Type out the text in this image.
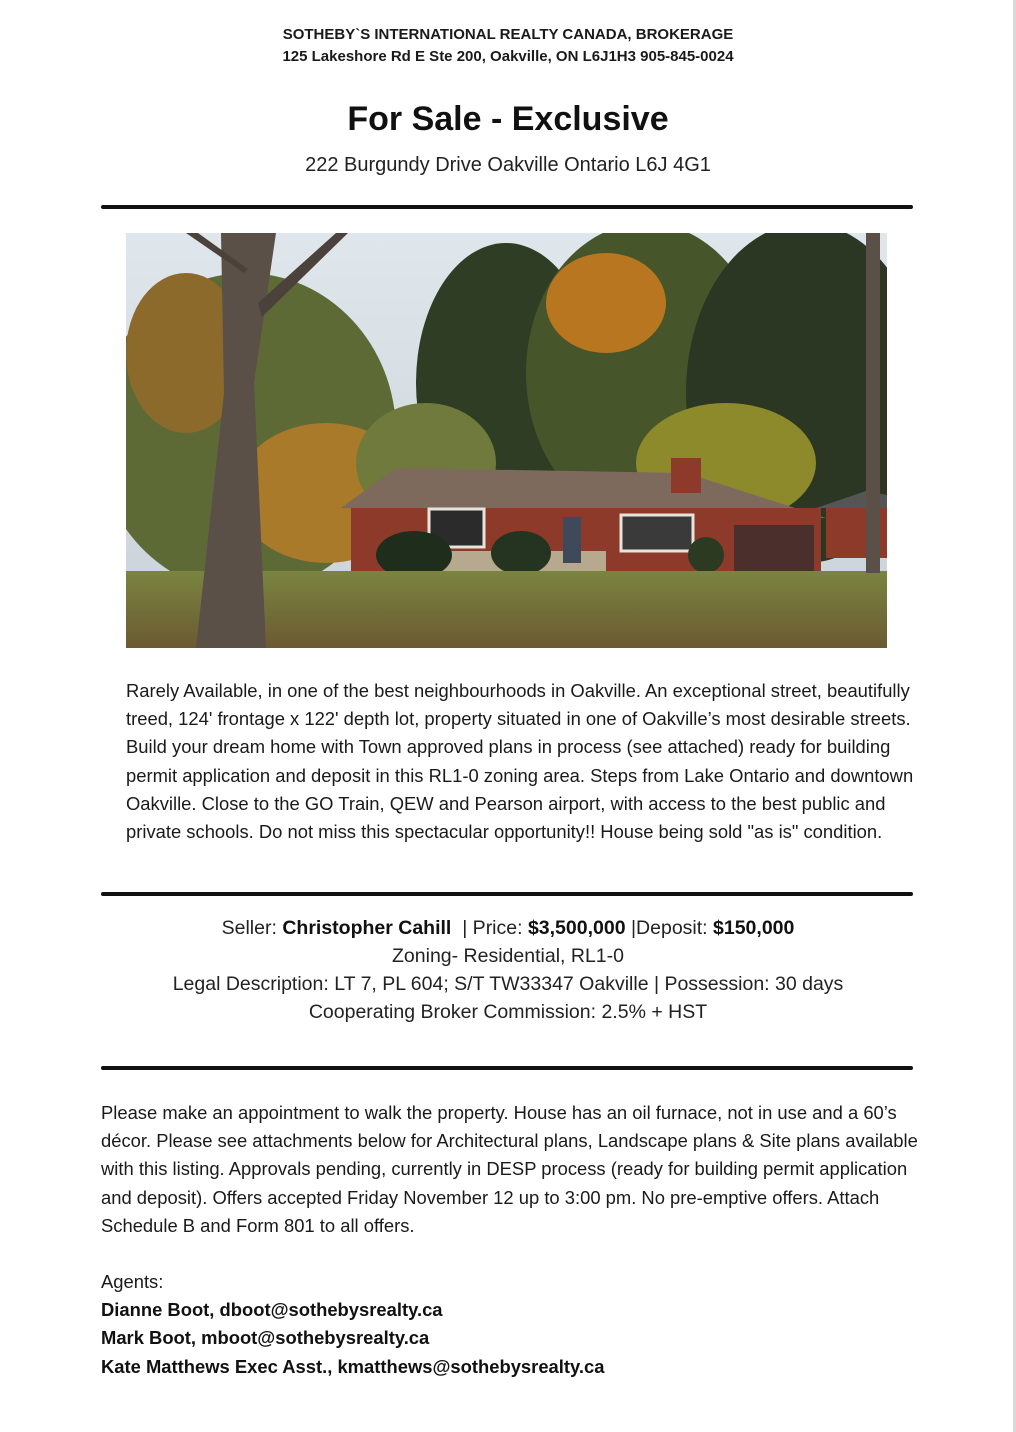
SOTHEBY`S INTERNATIONAL REALTY CANADA, BROKERAGE
125 Lakeshore Rd E Ste 200, Oakville, ON L6J1H3 905-845-0024
For Sale - Exclusive
222 Burgundy Drive Oakville Ontario L6J 4G1
Rarely Available, in one of the best neighbourhoods in Oakville. An exceptional street, beautifully treed, 124' frontage x 122' depth lot, property situated in one of Oakville’s most desirable streets. Build your dream home with Town approved plans in process (see attached) ready for building permit application and deposit in this RL1-0 zoning area. Steps from Lake Ontario and downtown Oakville. Close to the GO Train, QEW and Pearson airport, with access to the best public and private schools. Do not miss this spectacular opportunity!! House being sold "as is" condition.
Seller: Christopher Cahill | Price: $3,500,000 |Deposit: $150,000
Zoning- Residential, RL1-0
Legal Description: LT 7, PL 604; S/T TW33347 Oakville | Possession: 30 days
Cooperating Broker Commission: 2.5% + HST
Please make an appointment to walk the property. House has an oil furnace, not in use and a 60’s décor. Please see attachments below for Architectural plans, Landscape plans & Site plans available with this listing. Approvals pending, currently in DESP process (ready for building permit application and deposit). Offers accepted Friday November 12 up to 3:00 pm. No pre-emptive offers. Attach Schedule B and Form 801 to all offers.
Agents:
Dianne Boot, dboot@sothebysrealty.ca
Mark Boot, mboot@sothebysrealty.ca
Kate Matthews Exec Asst., kmatthews@sothebysrealty.ca
